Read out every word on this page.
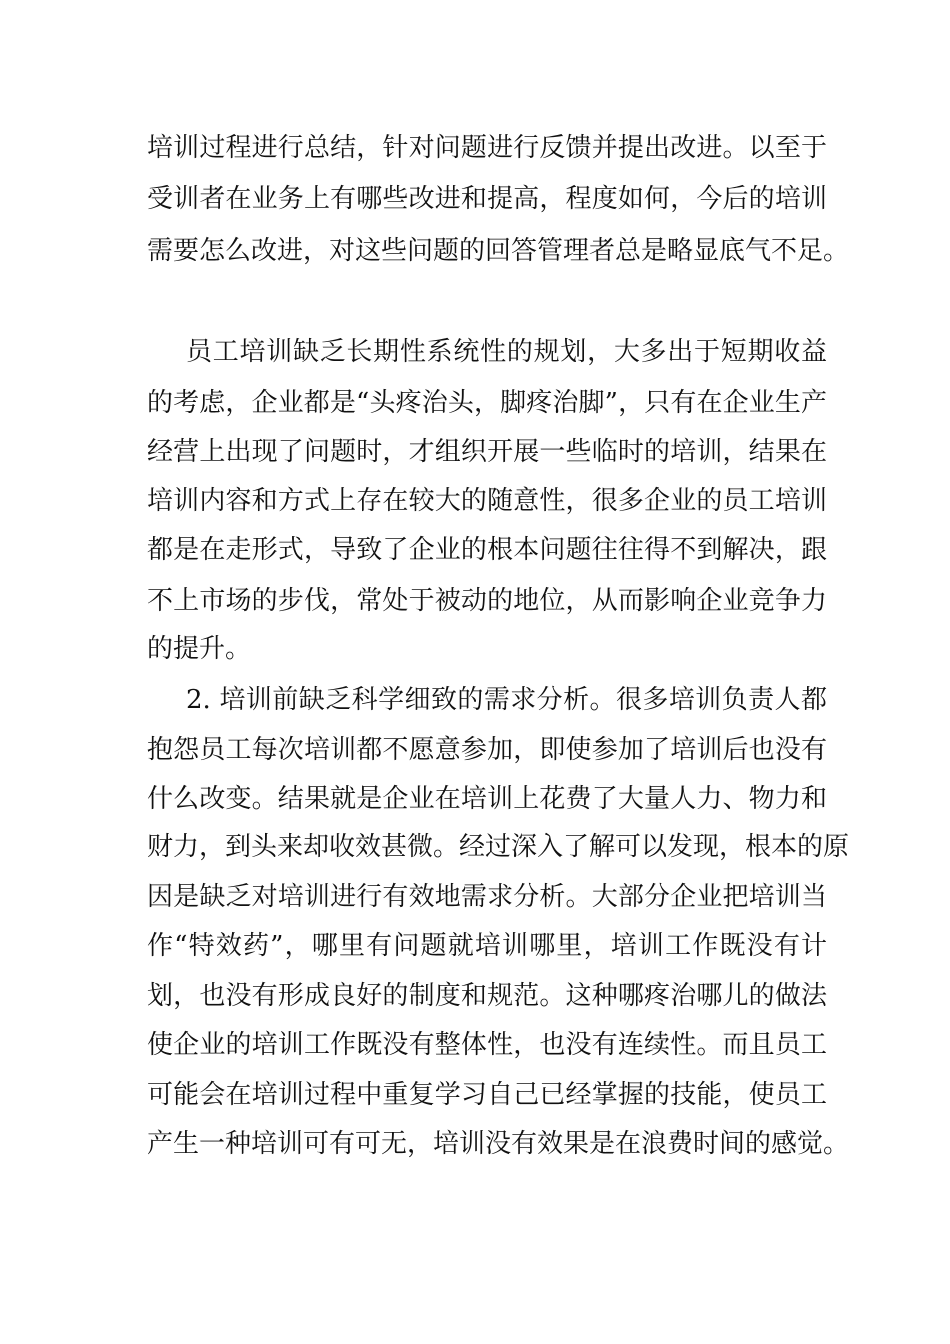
培训过程进行总结，针对问题进行反馈并提出改进。以至于
受训者在业务上有哪些改进和提高，程度如何，今后的培训
需要怎么改进，对这些问题的回答管理者总是略显底气不足。
员工培训缺乏长期性系统性的规划，大多出于短期收益
的考虑，企业都是“头疼治头，脚疼治脚”，只有在企业生产
经营上出现了问题时，才组织开展一些临时的培训，结果在
培训内容和方式上存在较大的随意性，很多企业的员工培训
都是在走形式，导致了企业的根本问题往往得不到解决，跟
不上市场的步伐，常处于被动的地位，从而影响企业竞争力
的提升。
2. 培训前缺乏科学细致的需求分析。很多培训负责人都
抱怨员工每次培训都不愿意参加，即使参加了培训后也没有
什么改变。结果就是企业在培训上花费了大量人力、物力和
财力，到头来却收效甚微。经过深入了解可以发现，根本的原
因是缺乏对培训进行有效地需求分析。大部分企业把培训当
作“特效药”，哪里有问题就培训哪里，培训工作既没有计
划，也没有形成良好的制度和规范。这种哪疼治哪儿的做法
使企业的培训工作既没有整体性，也没有连续性。而且员工
可能会在培训过程中重复学习自己已经掌握的技能，使员工
产生一种培训可有可无，培训没有效果是在浪费时间的感觉。
